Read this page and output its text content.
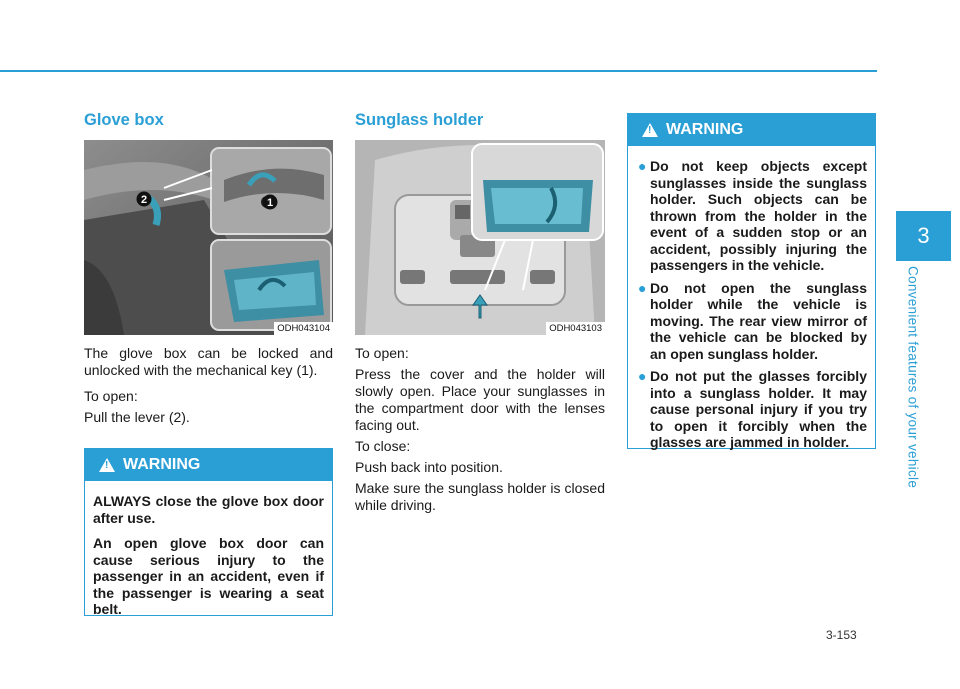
3
Convenient features of your vehicle
Glove box
1
2
ODH043104

The glove box can be locked and unlocked with the mechanical key (1).

To open:

Pull the lever (2).

!
WARNING

ALWAYS close the glove box door after use.

An open glove box door can cause serious injury to the passenger in an accident, even if the passenger is wearing a seat belt.

Sunglass holder
ODH043103

To open:

Press the cover and the holder will slowly open. Place your sunglasses in the compartment door with the lenses facing out.

To close:

Push back into position.

Make sure the sunglass holder is closed while driving.

!
WARNING
● Do not keep objects except sunglasses inside the sunglass holder. Such objects can be thrown from the holder in the event of a sudden stop or an accident, possibly injuring the passengers in the vehicle.
● Do not open the sunglass holder while the vehicle is moving. The rear view mirror of the vehicle can be blocked by an open sunglass holder.
● Do not put the glasses forcibly into a sunglass holder. It may cause personal injury if you try to open it forcibly when the glasses are jammed in holder.
3-153
